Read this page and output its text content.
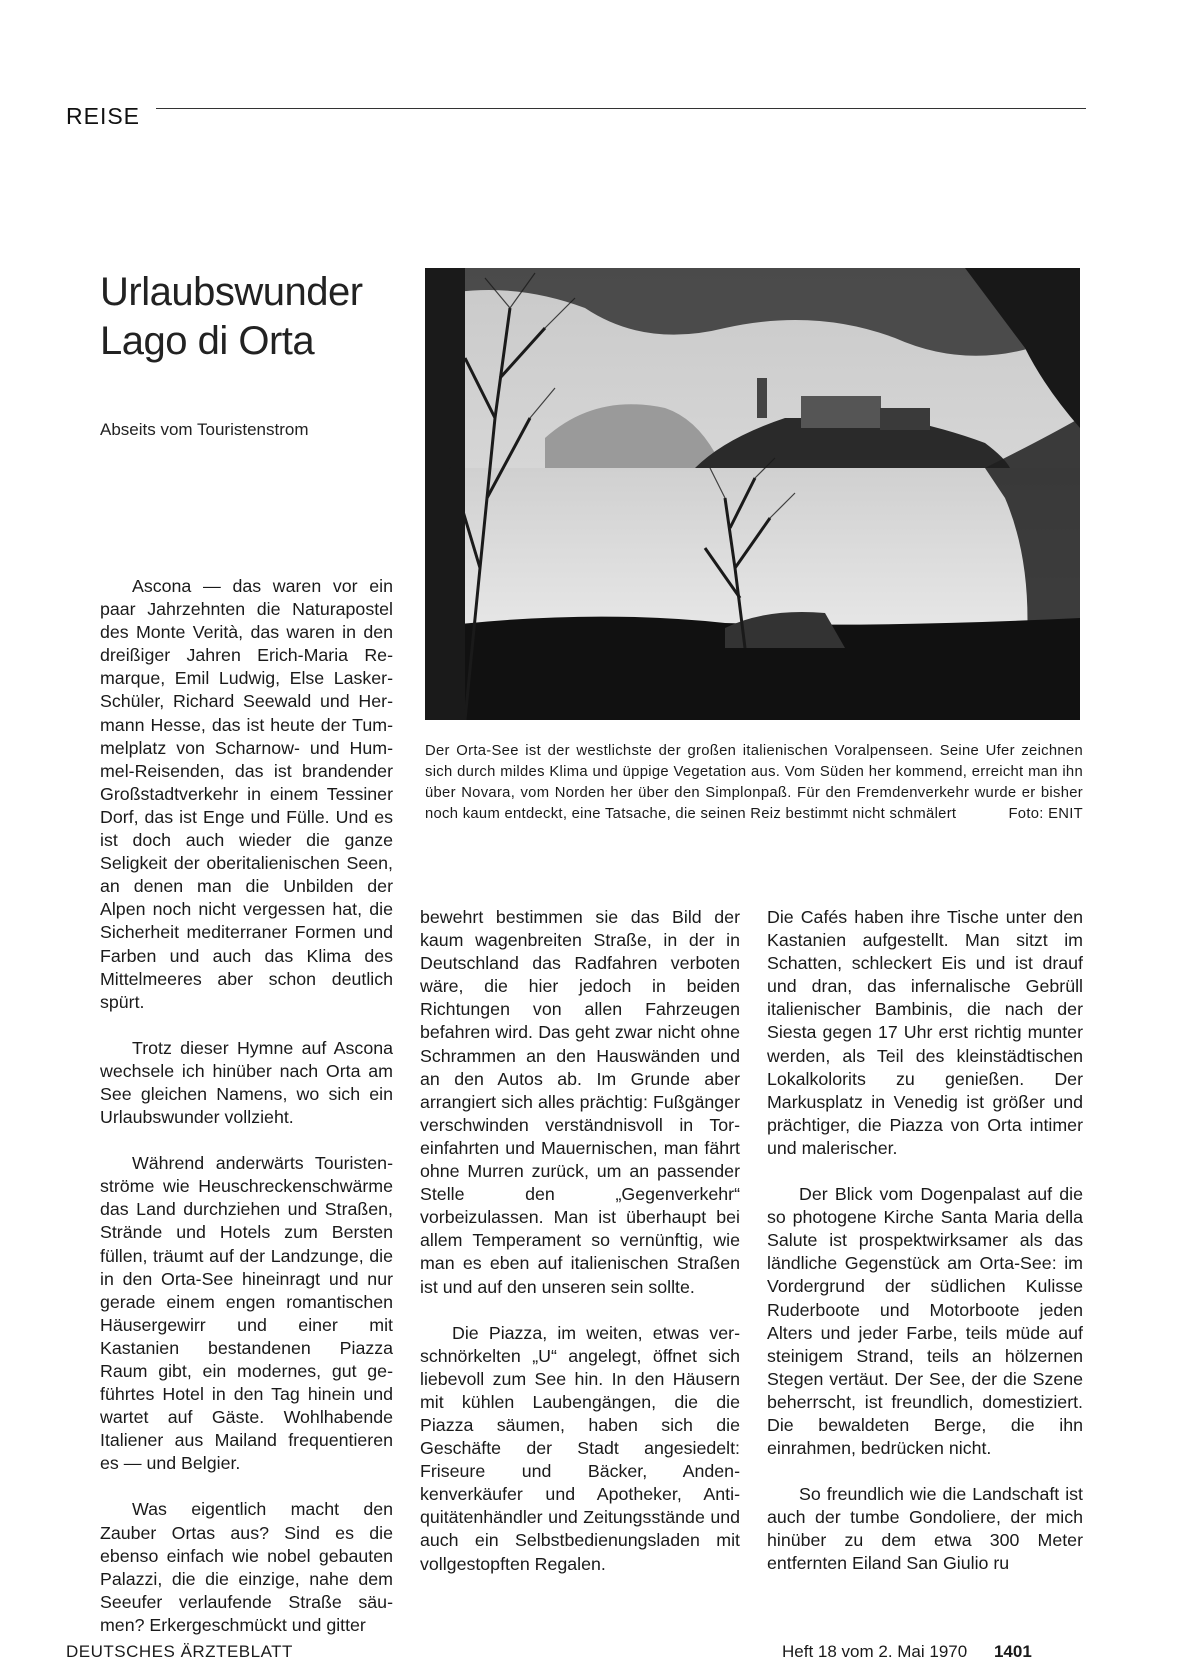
REISE
Urlaubswunder
Lago di Orta
Abseits vom Touristenstrom
Der Orta-See ist der westlichste der großen italienischen Voralpenseen. Seine Ufer zeichnen sich durch mildes Klima und üppige Vegetation aus. Vom Süden her kommend, erreicht man ihn über Novara, vom Norden her über den Simplonpaß. Für den Fremdenverkehr wurde er bisher noch kaum entdeckt, eine Tatsache, die seinen Reiz bestimmt nicht schmälert	Foto: ENIT

Ascona — das waren vor ein paar Jahrzehnten die Naturapostel des Monte Verità, das waren in den dreißiger Jahren Erich-Maria Remarque, Emil Ludwig, Else Lasker-Schüler, Richard Seewald und Hermann Hesse, das ist heute der Tummelplatz von Scharnow- und Hummel-Reisenden, das ist brandender Großstadtverkehr in einem Tessiner Dorf, das ist Enge und Fülle. Und es ist doch auch wieder die ganze Seligkeit der oberitalienischen Seen, an denen man die Unbilden der Alpen noch nicht vergessen hat, die Sicherheit mediterraner Formen und Farben und auch das Klima des Mittelmeeres aber schon deutlich spürt.

Trotz dieser Hymne auf Ascona wechsele ich hinüber nach Orta am See gleichen Namens, wo sich ein Urlaubswunder vollzieht.

Während anderwärts Touristenströme wie Heuschreckenschwärme das Land durchziehen und Straßen, Strände und Hotels zum Bersten füllen, träumt auf der Landzunge, die in den Orta-See hineinragt und nur gerade einem engen romantischen Häusergewirr und einer mit Kastanien bestandenen Piazza Raum gibt, ein modernes, gut geführtes Hotel in den Tag hinein und wartet auf Gäste. Wohlhabende Italiener aus Mailand frequentieren es — und Belgier.

Was eigentlich macht den Zauber Ortas aus? Sind es die ebenso einfach wie nobel gebauten Palazzi, die die einzige, nahe dem Seeufer verlaufende Straße säumen? Erkergeschmückt und gitter

bewehrt bestimmen sie das Bild der kaum wagenbreiten Straße, in der in Deutschland das Radfahren verboten wäre, die hier jedoch in beiden Richtungen von allen Fahrzeugen befahren wird. Das geht zwar nicht ohne Schrammen an den Hauswänden und an den Autos ab. Im Grunde aber arrangiert sich alles prächtig: Fußgänger verschwinden verständnisvoll in Toreinfahrten und Mauernischen, man fährt ohne Murren zurück, um an passender Stelle den „Gegenverkehr“ vorbeizulassen. Man ist überhaupt bei allem Temperament so vernünftig, wie man es eben auf italienischen Straßen ist und auf den unseren sein sollte.

Die Piazza, im weiten, etwas verschnörkelten „U“ angelegt, öffnet sich liebevoll zum See hin. In den Häusern mit kühlen Laubengängen, die die Piazza säumen, haben sich die Geschäfte der Stadt angesiedelt: Friseure und Bäcker, Andenkenverkäufer und Apotheker, Antiquitätenhändler und Zeitungsstände und auch ein Selbstbedienungsladen mit vollgestopften Regalen.

Die Cafés haben ihre Tische unter den Kastanien aufgestellt. Man sitzt im Schatten, schleckert Eis und ist drauf und dran, das infernalische Gebrüll italienischer Bambinis, die nach der Siesta gegen 17 Uhr erst richtig munter werden, als Teil des kleinstädtischen Lokalkolorits zu genießen. Der Markusplatz in Venedig ist größer und prächtiger, die Piazza von Orta intimer und malerischer.

Der Blick vom Dogenpalast auf die so photogene Kirche Santa Maria della Salute ist prospektwirksamer als das ländliche Gegenstück am Orta-See: im Vordergrund der südlichen Kulisse Ruderboote und Motorboote jeden Alters und jeder Farbe, teils müde auf steinigem Strand, teils an hölzernen Stegen vertäut. Der See, der die Szene beherrscht, ist freundlich, domestiziert. Die bewaldeten Berge, die ihn einrahmen, bedrücken nicht.

So freundlich wie die Landschaft ist auch der tumbe Gondoliere, der mich hinüber zu dem etwa 300 Meter entfernten Eiland San Giulio ru

DEUTSCHES ÄRZTEBLATT	Heft 18 vom 2. Mai 1970 1401
